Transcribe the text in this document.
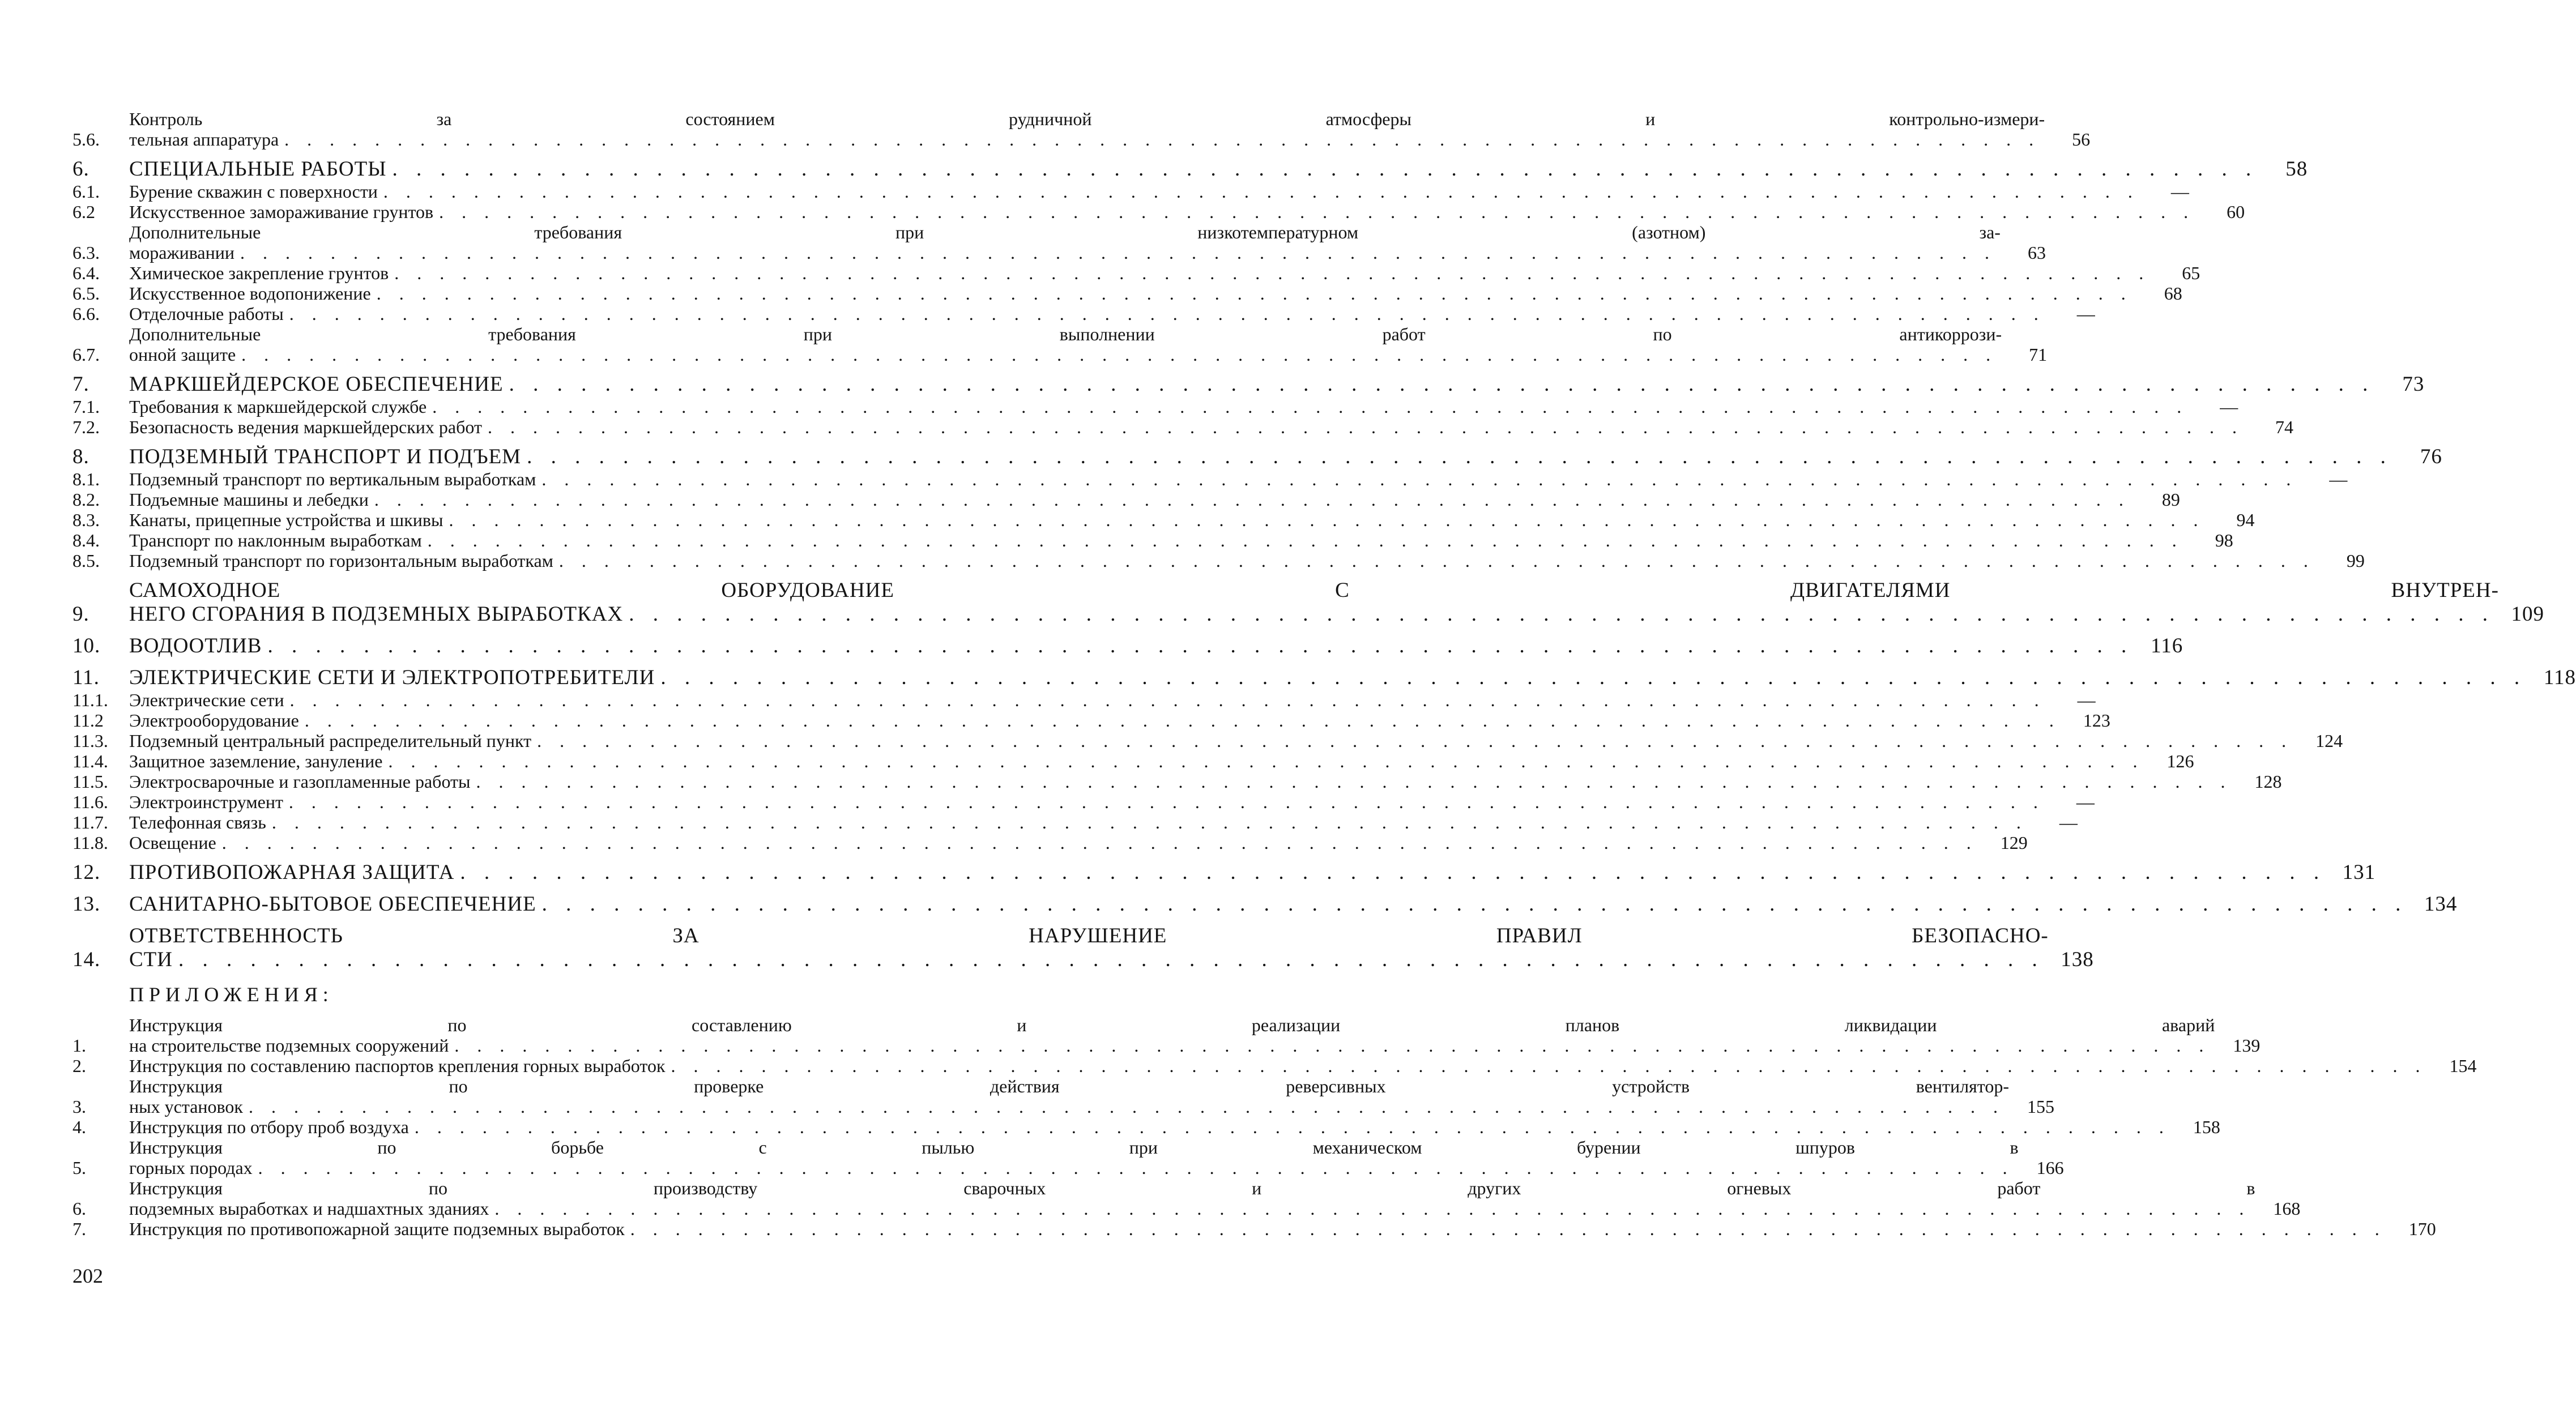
5.6.
Контроль за состоянием рудничной атмосферы и контрольно-измери-
тельная аппаратура . . .	56
6.	СПЕЦИАЛЬНЫЕ РАБОТЫ . . .	58
6.1.	Бурение скважин с поверхности . . .	—
6.2	Искусственное замораживание грунтов . . .	60
6.3.
Дополнительные требования при низкотемпературном (азотном) за-
мораживании . . .	63
6.4.	Химическое закрепление грунтов . . .	65
6.5.	Искусственное водопонижение . . .	68
6.6.	Отделочные работы . . .	—
6.7.
Дополнительные требования при выполнении работ по антикоррози-
онной защите . . .	71
7.	МАРКШЕЙДЕРСКОЕ ОБЕСПЕЧЕНИЕ . . .	73
7.1.	Требования к маркшейдерской службе . . .	—
7.2.	Безопасность ведения маркшейдерских работ . . .	74
8.	ПОДЗЕМНЫЙ ТРАНСПОРТ И ПОДЪЕМ . . .	76
8.1.	Подземный транспорт по вертикальным выработкам . . .	—
8.2.	Подъемные машины и лебедки . . .	89
8.3.	Канаты, прицепные устройства и шкивы . . .	94
8.4.	Транспорт по наклонным выработкам . . .	98
8.5.	Подземный транспорт по горизонтальным выработкам . . .	99
9.
САМОХОДНОЕ ОБОРУДОВАНИЕ С ДВИГАТЕЛЯМИ ВНУТРЕН-
НЕГО СГОРАНИЯ В ПОДЗЕМНЫХ ВЫРАБОТКАХ . . .	109
10.	ВОДООТЛИВ . . .	116
11.	ЭЛЕКТРИЧЕСКИЕ СЕТИ И ЭЛЕКТРОПОТРЕБИТЕЛИ . . .	118
11.1.	Электрические сети . . .	—
11.2	Электрооборудование . . .	123
11.3.	Подземный центральный распределительный пункт . . .	124
11.4.	Защитное заземление, зануление . . .	126
11.5.	Электросварочные и газопламенные работы . . .	128
11.6.	Электроинструмент . . .	—
11.7.	Телефонная связь . . .	—
11.8.	Освещение . . .	129
12.	ПРОТИВОПОЖАРНАЯ ЗАЩИТА . . .	131
13.	САНИТАРНО-БЫТОВОЕ ОБЕСПЕЧЕНИЕ . . .	134
14.
ОТВЕТСТВЕННОСТЬ ЗА НАРУШЕНИЕ ПРАВИЛ БЕЗОПАСНО-
СТИ . . .	138
ПРИЛОЖЕНИЯ:
1.
Инструкция по составлению и реализации планов ликвидации аварий
на строительстве подземных сооружений . . .	139
2.	Инструкция по составлению паспортов крепления горных выработок . . .	154
3.
Инструкция по проверке действия реверсивных устройств вентилятор-
ных установок . . .	155
4.	Инструкция по отбору проб воздуха . . .	158
5.
Инструкция по борьбе с пылью при механическом бурении шпуров в
горных породах . . .	166
6.
Инструкция по производству сварочных и других огневых работ в
подземных выработках и надшахтных зданиях . . .	168
7.	Инструкция по противопожарной защите подземных выработок . . .	170
202
